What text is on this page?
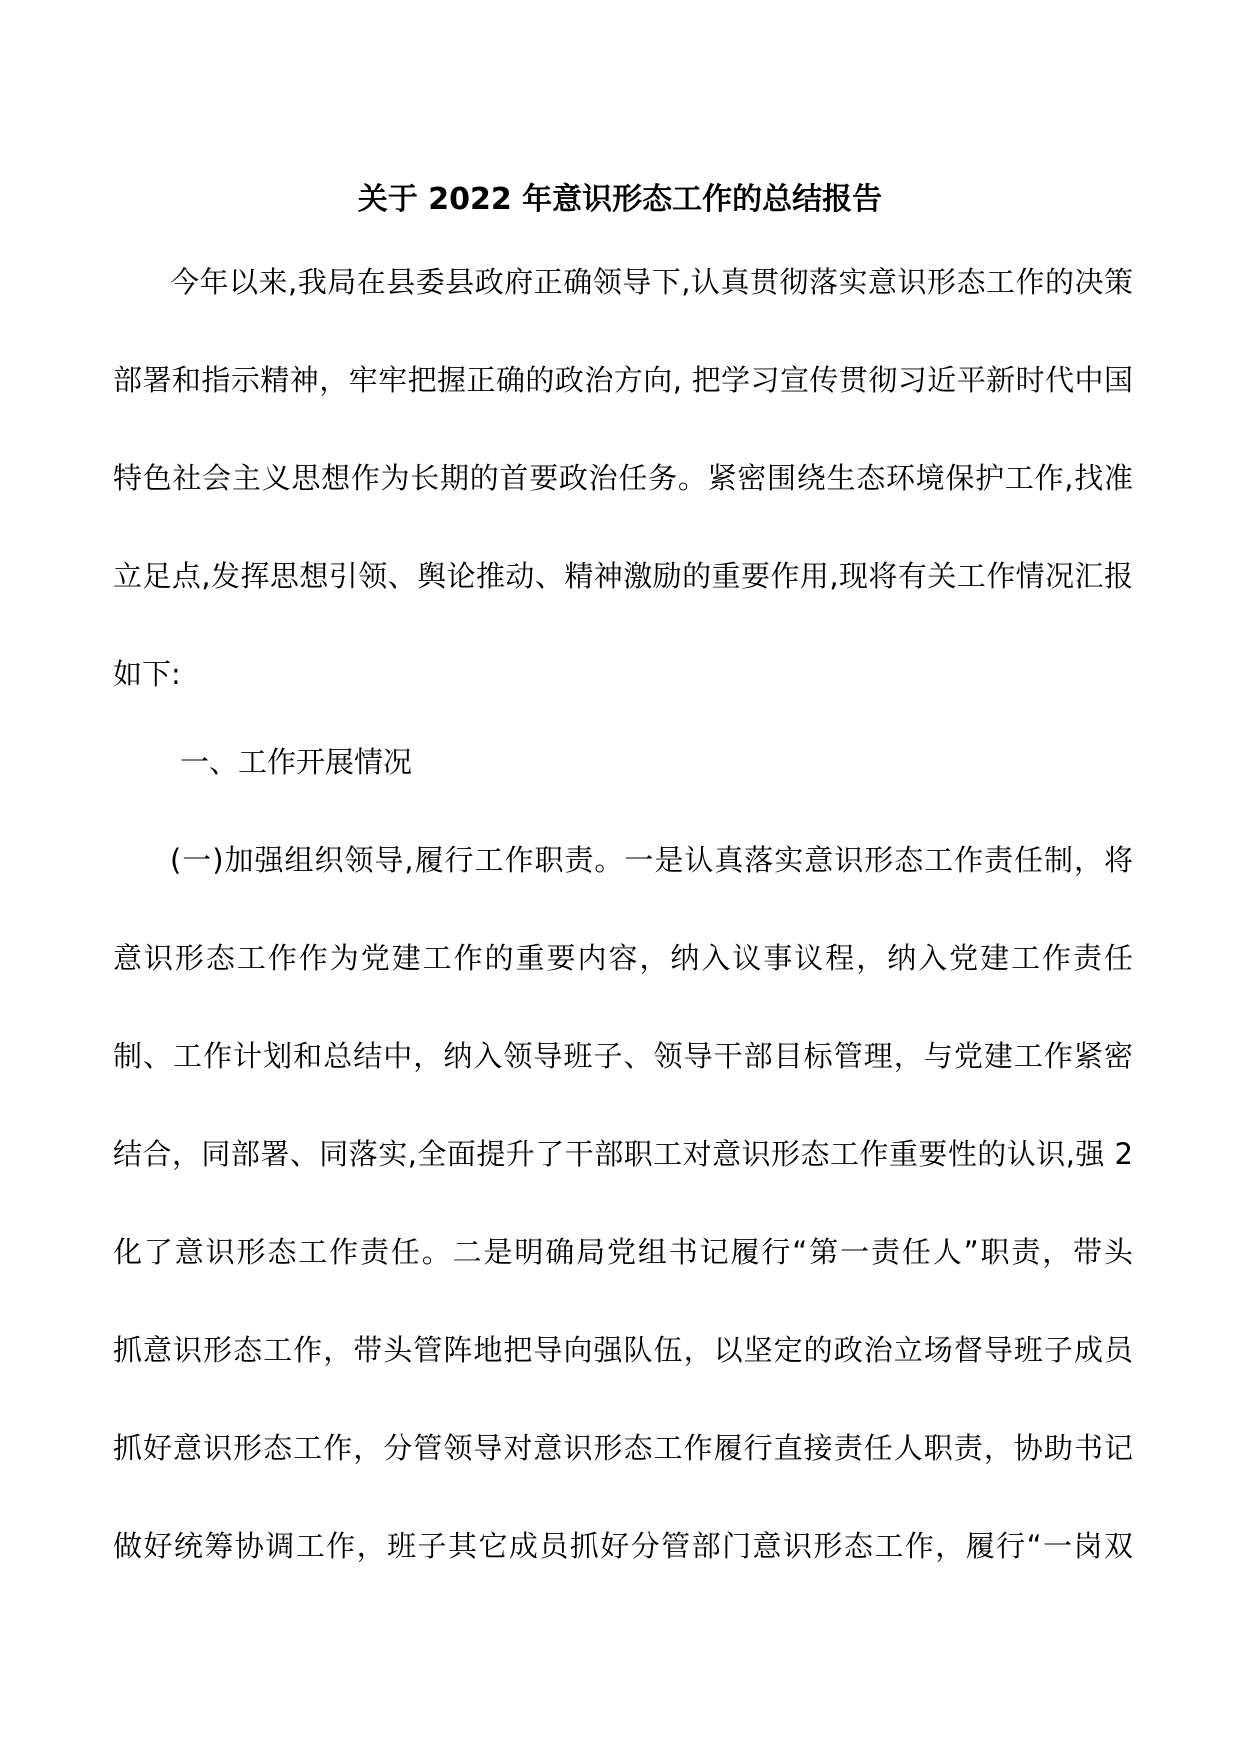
关于 2022 年意识形态工作的总结报告
今年以来,我局在县委县政府正确领导下,认真贯彻落实意识形态工作的决策
部署和指示精神，牢牢把握正确的政治方向, 把学习宣传贯彻习近平新时代中国
特色社会主义思想作为长期的首要政治任务。紧密围绕生态环境保护工作,找准
立足点,发挥思想引领、舆论推动、精神激励的重要作用,现将有关工作情况汇报
如下:
一、工作开展情况
(一)加强组织领导,履行工作职责。一是认真落实意识形态工作责任制，将
意识形态工作作为党建工作的重要内容，纳入议事议程，纳入党建工作责任
制、工作计划和总结中，纳入领导班子、领导干部目标管理，与党建工作紧密
结合，同部署、同落实,全面提升了干部职工对意识形态工作重要性的认识,强 2
化了意识形态工作责任。二是明确局党组书记履行“第一责任人”职责，带头
抓意识形态工作，带头管阵地把导向强队伍，以坚定的政治立场督导班子成员
抓好意识形态工作，分管领导对意识形态工作履行直接责任人职责，协助书记
做好统筹协调工作，班子其它成员抓好分管部门意识形态工作，履行“一岗双
